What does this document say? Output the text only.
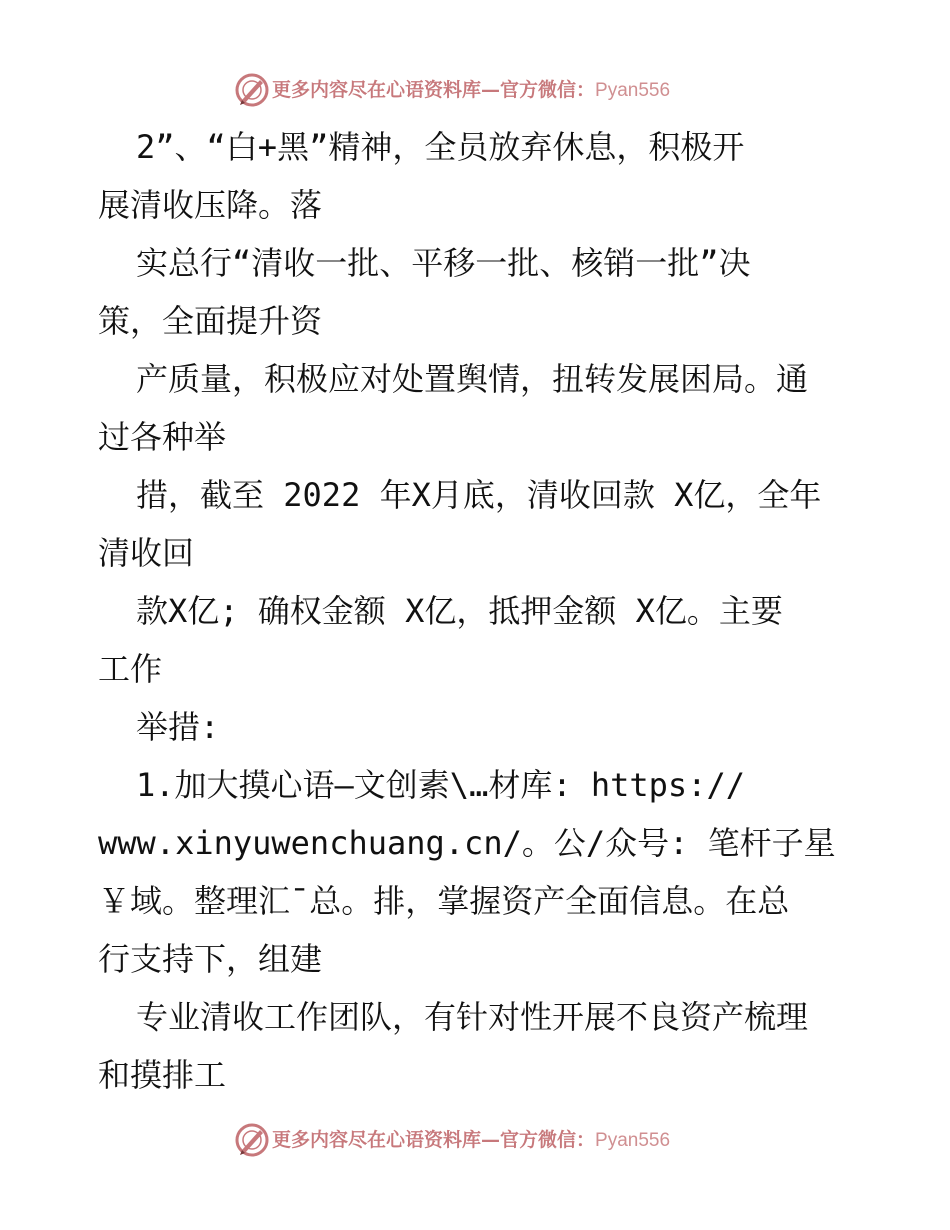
更多内容尽在心语资料库—官方微信：Pyan556
2”、“白+黑”精神，全员放弃休息，积极开
展清收压降。落
实总行“清收一批、平移一批、核销一批”决
策，全面提升资
产质量，积极应对处置舆情，扭转发展困局。通
过各种举
措，截至 2022 年X月底，清收回款 X亿，全年
清收回
款X亿; 确权金额 X亿，抵押金额 X亿。主要
工作
举措:
1.加大摸心语—文创素\…材库: https://
www.xinyuwenchuang.cn/。公/众号: 笔杆子星
￥域。整理汇¯总。排，掌握资产全面信息。在总
行支持下，组建
专业清收工作团队，有针对性开展不良资产梳理
和摸排工
更多内容尽在心语资料库—官方微信：Pyan556
